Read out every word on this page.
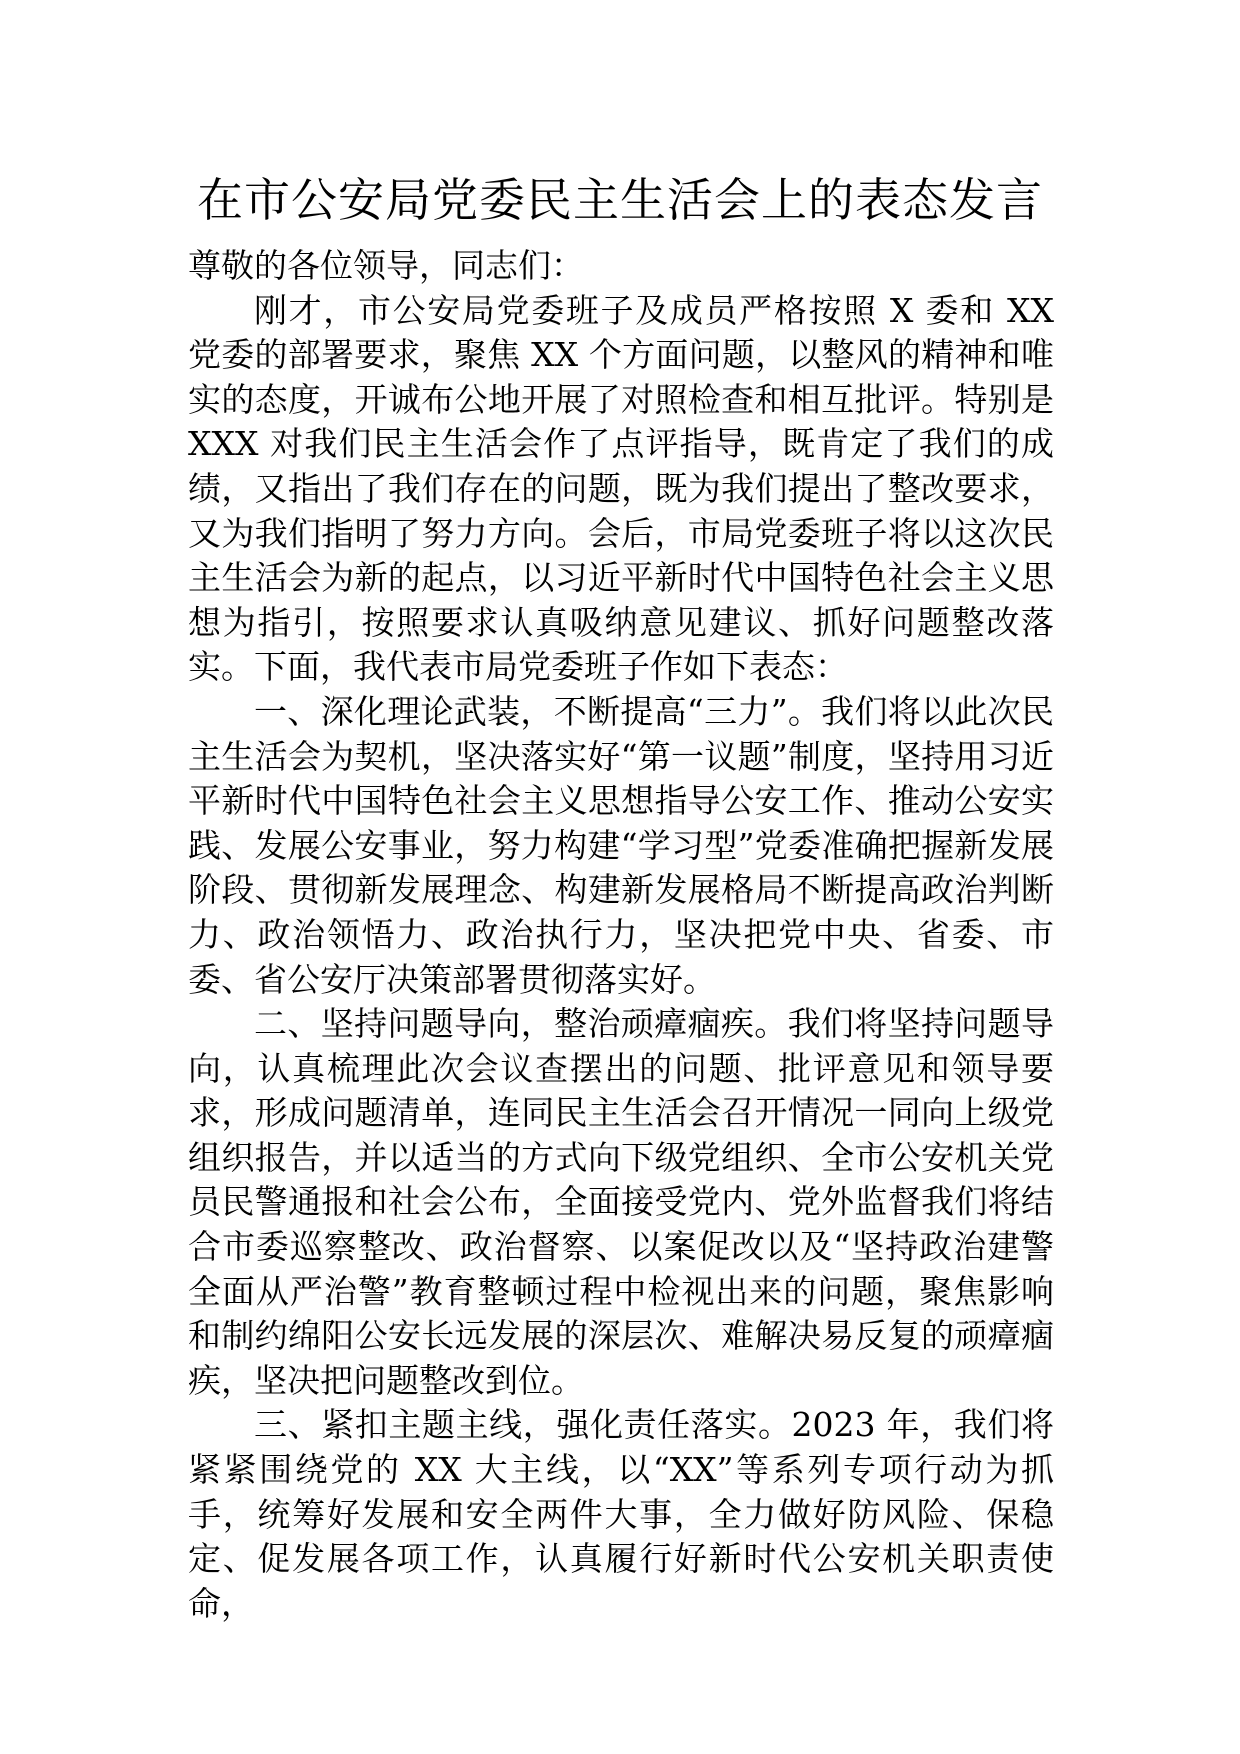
在市公安局党委民主生活会上的表态发言

尊敬的各位领导，同志们：

刚才，市公安局党委班子及成员严格按照 X 委和 XX 党委的部署要求，聚焦 XX 个方面问题，以整风的精神和唯实的态度，开诚布公地开展了对照检查和相互批评。特别是 XXX 对我们民主生活会作了点评指导，既肯定了我们的成绩，又指出了我们存在的问题，既为我们提出了整改要求，又为我们指明了努力方向。会后，市局党委班子将以这次民主生活会为新的起点，以习近平新时代中国特色社会主义思想为指引，按照要求认真吸纳意见建议、抓好问题整改落实。下面，我代表市局党委班子作如下表态：

一、深化理论武装，不断提高“三力”。我们将以此次民主生活会为契机，坚决落实好“第一议题”制度，坚持用习近平新时代中国特色社会主义思想指导公安工作、推动公安实践、发展公安事业，努力构建“学习型”党委准确把握新发展阶段、贯彻新发展理念、构建新发展格局不断提高政治判断力、政治领悟力、政治执行力，坚决把党中央、省委、市委、省公安厅决策部署贯彻落实好。

二、坚持问题导向，整治顽瘴痼疾。我们将坚持问题导向，认真梳理此次会议查摆出的问题、批评意见和领导要求，形成问题清单，连同民主生活会召开情况一同向上级党组织报告，并以适当的方式向下级党组织、全市公安机关党员民警通报和社会公布，全面接受党内、党外监督我们将结合市委巡察整改、政治督察、以案促改以及“坚持政治建警全面从严治警”教育整顿过程中检视出来的问题，聚焦影响和制约绵阳公安长远发展的深层次、难解决易反复的顽瘴痼疾，坚决把问题整改到位。

三、紧扣主题主线，强化责任落实。2023 年，我们将紧紧围绕党的 XX 大主线，以“XX”等系列专项行动为抓手，统筹好发展和安全两件大事，全力做好防风险、保稳定、促发展各项工作，认真履行好新时代公安机关职责使命，
